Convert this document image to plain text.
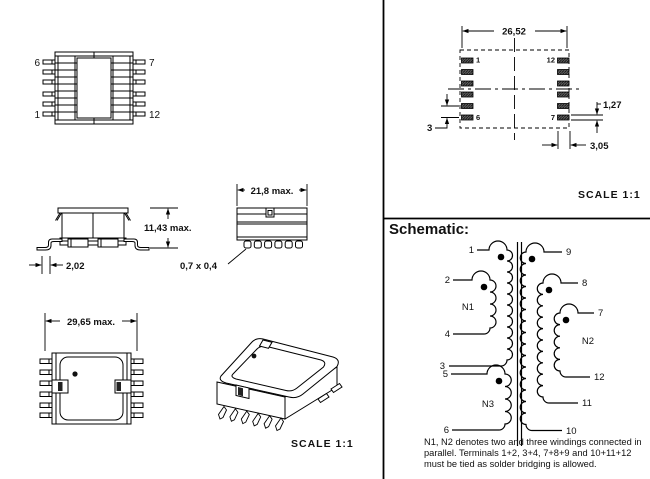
6	7
1	12
11,43 max.
2,02
21,8 max.
0,7 x 0,4
29,65 max.
1	12
6	7
26,52
3
1,27
3,05
SCALE 1:1
SCALE 1:1
1
2
4
3
5
6
9
8
7
12
11
10
N1
N2
N3
Schematic:
N1, N2 denotes two and three windings connected in
parallel. Terminals 1+2, 3+4, 7+8+9 and 10+11+12
must be tied as solder bridging is allowed.
